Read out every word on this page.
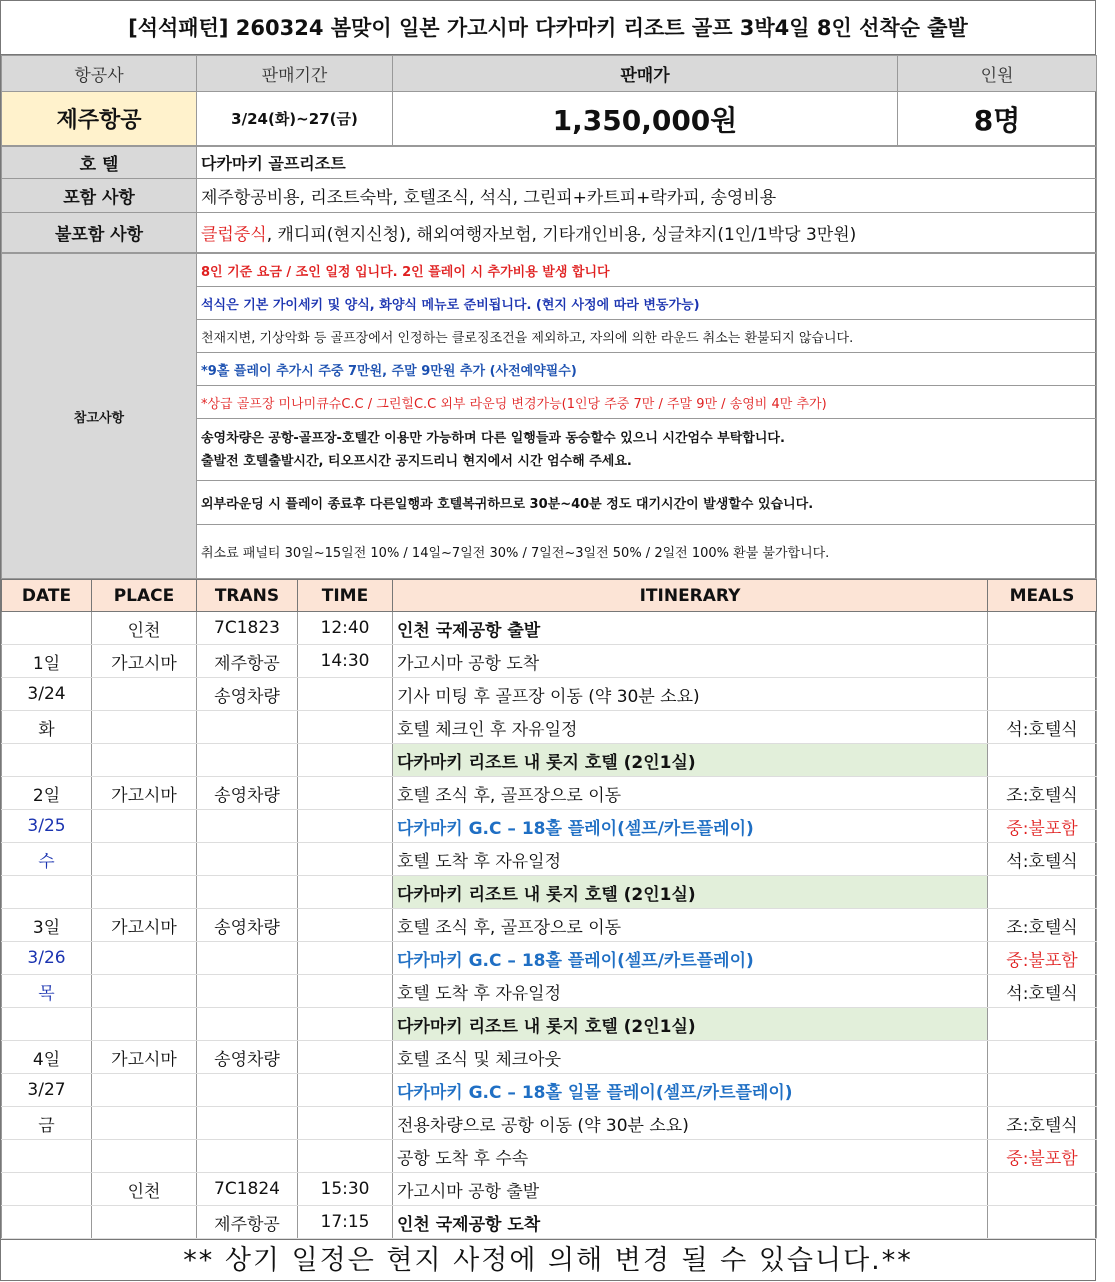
[석석패턴] 260324 봄맞이 일본 가고시마 다카마키 리조트 골프 3박4일 8인 선착순 출발
항공사	판매기간	판매가	인원
제주항공	3/24(화)~27(금)	1,350,000원	8명
호 텔	다카마키 골프리조트
포함 사항	제주항공비용, 리조트숙박, 호텔조식, 석식, 그린피+카트피+락카피, 송영비용
불포함 사항	클럽중식, 캐디피(현지신청), 해외여행자보험, 기타개인비용, 싱글챠지(1인/1박당 3만원)
참고사항	8인 기준 요금 / 조인 일정 입니다. 2인 플레이 시 추가비용 발생 합니다
석식은 기본 가이세키 및 양식, 화양식 메뉴로 준비됩니다. (현지 사정에 따라 변동가능)
천재지변, 기상악화 등 골프장에서 인정하는 클로징조건을 제외하고, 자의에 의한 라운드 취소는 환불되지 않습니다.
*9홀 플레이 추가시 주중 7만원, 주말 9만원 추가 (사전예약필수)
*상급 골프장 미나미큐슈C.C / 그린힐C.C 외부 라운딩 변경가능(1인당 주중 7만 / 주말 9만 / 송영비 4만 추가)

송영차량은 공항-골프장-호텔간 이용만 가능하며 다른 일행들과 동승할수 있으니 시간엄수 부탁합니다.
출발전 호텔출발시간, 티오프시간 공지드리니 현지에서 시간 엄수해 주세요.

외부라운딩 시 플레이 종료후 다른일행과 호텔복귀하므로 30분~40분 정도 대기시간이 발생할수 있습니다.
취소료 패널티 30일~15일전 10% / 14일~7일전 30% / 7일전~3일전 50% / 2일전 100% 환불 불가합니다.
DATE	PLACE	TRANS	TIME	ITINERARY	MEALS
	인천	7C1823	12:40	인천 국제공항 출발	
1일	가고시마	제주항공	14:30	가고시마 공항 도착	
3/24		송영차량		기사 미팅 후 골프장 이동 (약 30분 소요)	
화				호텔 체크인 후 자유일정	석:호텔식
				다카마키 리조트 내 롯지 호텔 (2인1실)	
2일	가고시마	송영차량		호텔 조식 후, 골프장으로 이동	조:호텔식
3/25				다카마키 G.C – 18홀 플레이(셀프/카트플레이)	중:불포함
수				호텔 도착 후 자유일정	석:호텔식
				다카마키 리조트 내 롯지 호텔 (2인1실)	
3일	가고시마	송영차량		호텔 조식 후, 골프장으로 이동	조:호텔식
3/26				다카마키 G.C – 18홀 플레이(셀프/카트플레이)	중:불포함
목				호텔 도착 후 자유일정	석:호텔식
				다카마키 리조트 내 롯지 호텔 (2인1실)	
4일	가고시마	송영차량		호텔 조식 및 체크아웃	
3/27				다카마키 G.C – 18홀 일몰 플레이(셀프/카트플레이)	
금				전용차량으로 공항 이동 (약 30분 소요)	조:호텔식
				공항 도착 후 수속	중:불포함
	인천	7C1824	15:30	가고시마 공항 출발	
		제주항공	17:15	인천 국제공항 도착	
** 상기 일정은 현지 사정에 의해 변경 될 수 있습니다.**
